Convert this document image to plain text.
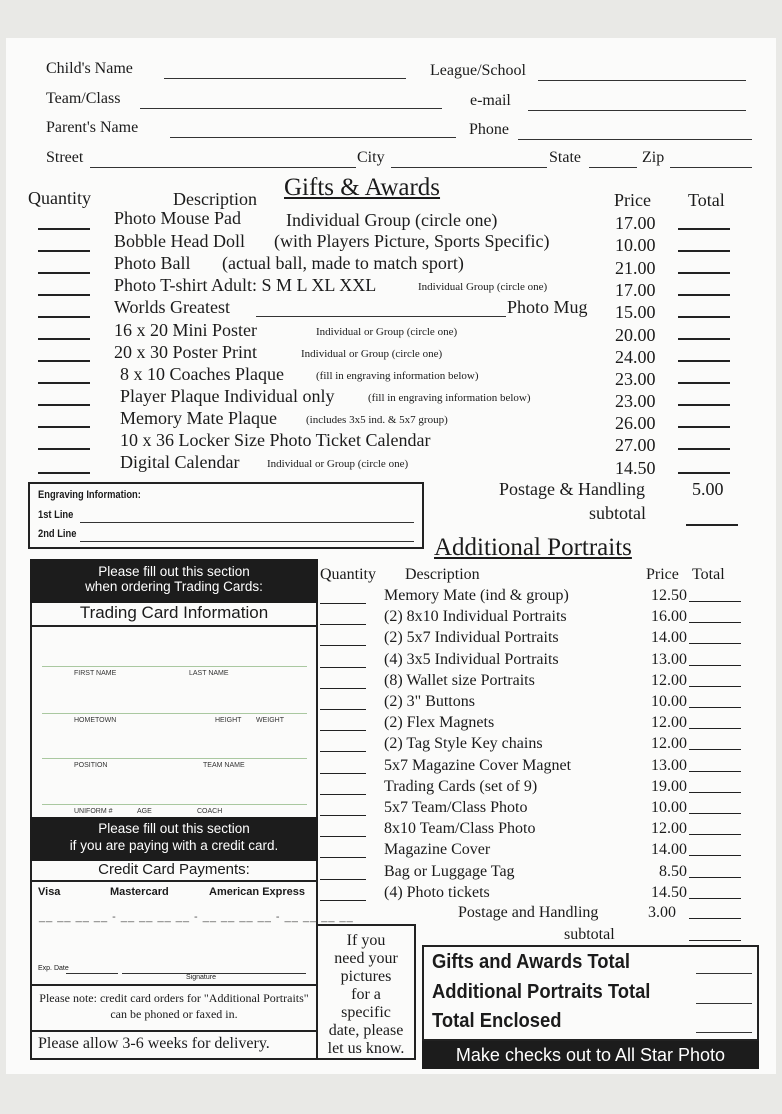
Child's Name	League/School
Team/Class	e-mail
Parent's Name	Phone
Street	City	State	Zip
Quantity	Description Gifts & Awards	Price Total
Photo Mouse Pad Individual Group (circle one)	17.00
Bobble Head Doll (with Players Picture, Sports Specific)	10.00
Photo Ball (actual ball, made to match sport)	21.00
Photo T-shirt Adult: S M L XL XXL	Individual Group (circle one)	17.00
Worlds Greatest	Photo Mug 15.00
16 x 20 Mini Poster	Individual or Group (circle one)	20.00
20 x 30 Poster Print	Individual or Group (circle one)	24.00
8 x 10 Coaches Plaque	(fill in engraving information below)	23.00
Player Plaque Individual only	(fill in engraving information below)	23.00
Memory Mate Plaque	(includes 3x5 ind. & 5x7 group)	26.00
10 x 36 Locker Size Photo Ticket Calendar	27.00
Digital Calendar	Individual or Group (circle one)	14.50
Postage & Handling	5.00
subtotal
Engraving Information:
1st Line
2nd Line
Please fill out this section
when ordering Trading Cards:
Trading Card Information
FIRST NAME	LAST NAME
HOMETOWN	HEIGHT WEIGHT
POSITION	TEAM NAME
UNIFORM #	AGE	COACH
Please fill out this section
if you are paying with a credit card.
Credit Card Payments:
Visa	Mastercard	American Express
__ __ __ __ - __ __ __ __ - __ __ __ __ - __ __ __ __
Exp. Date
Signature
Please note: credit card orders for "Additional Portraits" can be phoned or faxed in.
Please allow 3-6 weeks for delivery.
Additional Portraits
Quantity Description	Price Total
Memory Mate (ind & group)	12.50
(2) 8x10 Individual Portraits	16.00
(2) 5x7 Individual Portraits	14.00
(4) 3x5 Individual Portraits	13.00
(8) Wallet size Portraits	12.00
(2) 3" Buttons	10.00
(2) Flex Magnets	12.00
(2) Tag Style Key chains	12.00
5x7 Magazine Cover Magnet	13.00
Trading Cards (set of 9)	19.00
5x7 Team/Class Photo	10.00
8x10 Team/Class Photo	12.00
Magazine Cover	14.00
Bag or Luggage Tag	8.50
(4) Photo tickets	14.50
Postage and Handling	3.00
subtotal
If you
need your
pictures
for a
specific
date, please
let us know.
Gifts and Awards Total
Additional Portraits Total
Total Enclosed
Make checks out to All Star Photo
